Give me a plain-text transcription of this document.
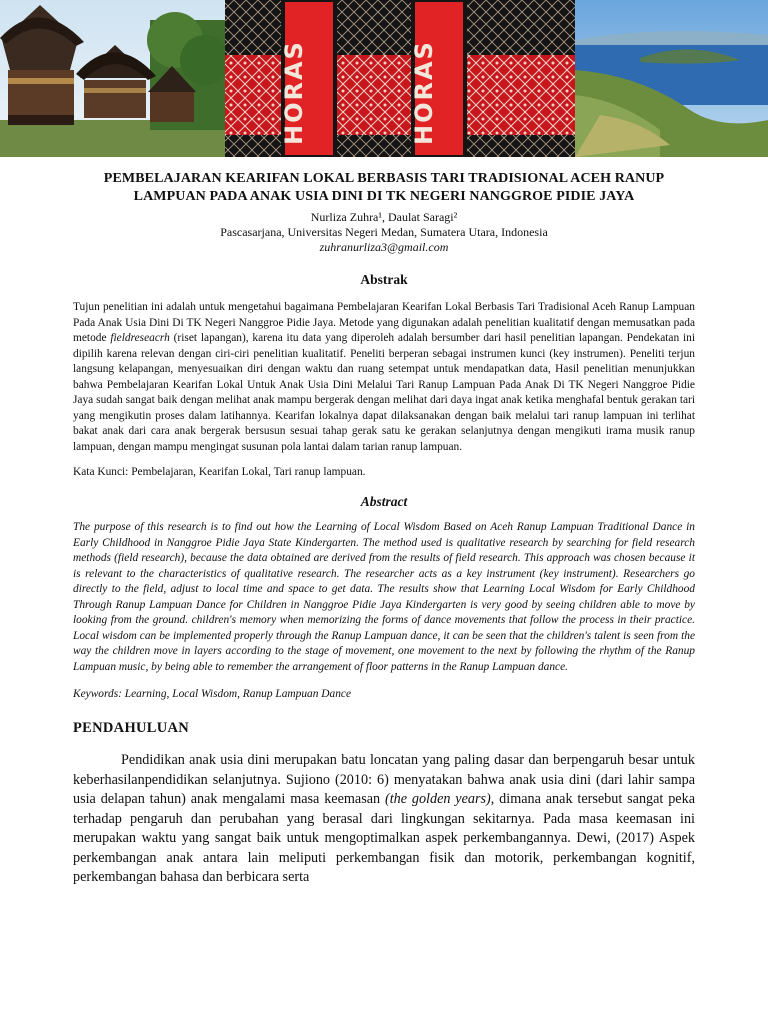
HORAS	HORAS
PEMBELAJARAN KEARIFAN LOKAL BERBASIS TARI TRADISIONAL ACEH RANUP LAMPUAN PADA ANAK USIA DINI DI TK NEGERI NANGGROE PIDIE JAYA

Nurliza Zuhra¹, Daulat Saragi²

Pascasarjana, Universitas Negeri Medan, Sumatera Utara, Indonesia

zuhranurliza3@gmail.com

Abstrak

Tujun penelitian ini adalah untuk mengetahui bagaimana Pembelajaran Kearifan Lokal Berbasis Tari Tradisional Aceh Ranup Lampuan Pada Anak Usia Dini Di TK Negeri Nanggroe Pidie Jaya. Metode yang digunakan adalah penelitian kualitatif dengan memusatkan pada metode fieldreseacrh (riset lapangan), karena itu data yang diperoleh adalah bersumber dari hasil penelitian lapangan. Pendekatan ini dipilih karena relevan dengan ciri-ciri penelitian kualitatif. Peneliti berperan sebagai instrumen kunci (key instrumen). Peneliti terjun langsung kelapangan, menyesuaikan diri dengan waktu dan ruang setempat untuk mendapatkan data, Hasil penelitian menunjukkan bahwa Pembelajaran Kearifan Lokal Untuk Anak Usia Dini Melalui Tari Ranup Lampuan Pada Anak Di TK Negeri Nanggroe Pidie Jaya sudah sangat baik dengan melihat anak mampu bergerak dengan melihat dari daya ingat anak ketika menghafal bentuk gerakan tari yang mengikutin proses dalam latihannya. Kearifan lokalnya dapat dilaksanakan dengan baik melalui tari ranup lampuan ini terlihat bakat anak dari cara anak bergerak bersusun sesuai tahap gerak satu ke gerakan selanjutnya dengan mengikuti irama musik ranup lampuan, dengan mampu mengingat susunan pola lantai dalam tarian ranup lampuan.

Kata Kunci: Pembelajaran, Kearifan Lokal, Tari ranup lampuan.

Abstract

The purpose of this research is to find out how the Learning of Local Wisdom Based on Aceh Ranup Lampuan Traditional Dance in Early Childhood in Nanggroe Pidie Jaya State Kindergarten. The method used is qualitative research by searching for field research methods (field research), because the data obtained are derived from the results of field research. This approach was chosen because it is relevant to the characteristics of qualitative research. The researcher acts as a key instrument (key instrument). Researchers go directly to the field, adjust to local time and space to get data. The results show that Learning Local Wisdom for Early Childhood Through Ranup Lampuan Dance for Children in Nanggroe Pidie Jaya Kindergarten is very good by seeing children able to move by looking from the ground. children's memory when memorizing the forms of dance movements that follow the process in their practice. Local wisdom can be implemented properly through the Ranup Lampuan dance, it can be seen that the children's talent is seen from the way the children move in layers according to the stage of movement, one movement to the next by following the rhythm of the Ranup Lampuan music, by being able to remember the arrangement of floor patterns in the Ranup Lampuan dance.

Keywords: Learning, Local Wisdom, Ranup Lampuan Dance

PENDAHULUAN

Pendidikan anak usia dini merupakan batu loncatan yang paling dasar dan berpengaruh besar untuk keberhasilanpendidikan selanjutnya. Sujiono (2010: 6) menyatakan bahwa anak usia dini (dari lahir sampa usia delapan tahun) anak mengalami masa keemasan (the golden years), dimana anak tersebut sangat peka terhadap pengaruh dan perubahan yang berasal dari lingkungan sekitarnya. Pada masa keemasan ini merupakan waktu yang sangat baik untuk mengoptimalkan aspek perkembangannya. Dewi, (2017) Aspek perkembangan anak antara lain meliputi perkembangan fisik dan motorik, perkembangan kognitif, perkembangan bahasa dan berbicara serta
